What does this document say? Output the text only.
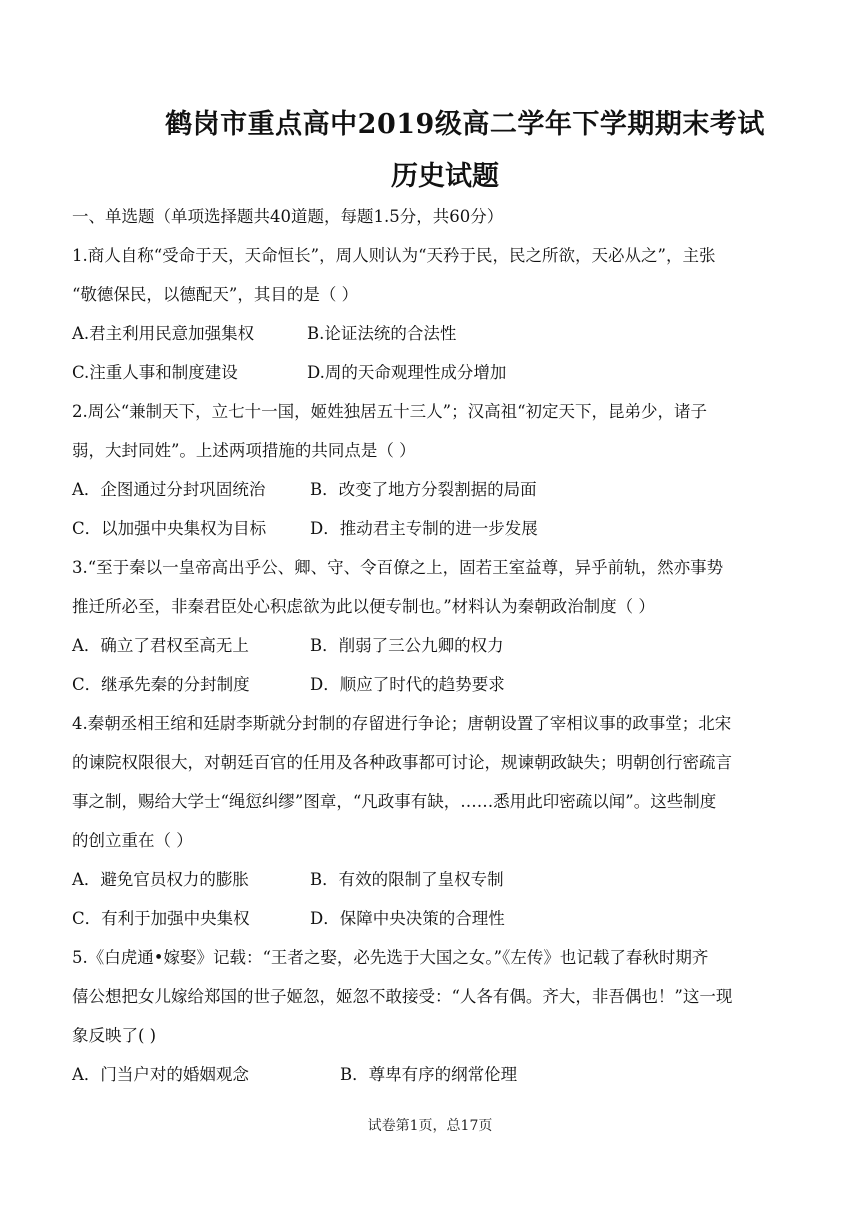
鹤岗市重点高中2019级高二学年下学期期末考试
历史试题
一、单选题（单项选择题共40道题，每题1.5分，共60分）
1.商人自称“受命于天，天命恒长”，周人则认为“天矜于民，民之所欲，天必从之”，主张
“敬德保民，以德配天”，其目的是（ ）
A.君主利用民意加强集权	B.论证法统的合法性
C.注重人事和制度建设	D.周的天命观理性成分增加
2.周公“兼制天下，立七十一国，姬姓独居五十三人”；汉高祖“初定天下，昆弟少，诸子
弱，大封同姓”。上述两项措施的共同点是（ ）
A．企图通过分封巩固统治	B．改变了地方分裂割据的局面
C．以加强中央集权为目标	D．推动君主专制的进一步发展
3.“至于秦以一皇帝高出乎公、卿、守、令百僚之上，固若王室益尊，异乎前轨，然亦事势
推迁所必至，非秦君臣处心积虑欲为此以便专制也。”材料认为秦朝政治制度（ ）
A．确立了君权至高无上	B．削弱了三公九卿的权力
C．继承先秦的分封制度	D．顺应了时代的趋势要求
4.秦朝丞相王绾和廷尉李斯就分封制的存留进行争论；唐朝设置了宰相议事的政事堂；北宋
的谏院权限很大，对朝廷百官的任用及各种政事都可讨论，规谏朝政缺失；明朝创行密疏言
事之制，赐给大学士“绳愆纠缪”图章，“凡政事有缺，……悉用此印密疏以闻”。这些制度
的创立重在（ ）
A．避免官员权力的膨胀	B．有效的限制了皇权专制
C．有利于加强中央集权	D．保障中央决策的合理性
5.《白虎通•嫁娶》记载：“王者之娶，必先选于大国之女。”《左传》也记载了春秋时期齐
僖公想把女儿嫁给郑国的世子姬忽，姬忽不敢接受：“人各有偶。齐大，非吾偶也！”这一现
象反映了( )
A．门当户对的婚姻观念	B．尊卑有序的纲常伦理
试卷第1页，总17页
